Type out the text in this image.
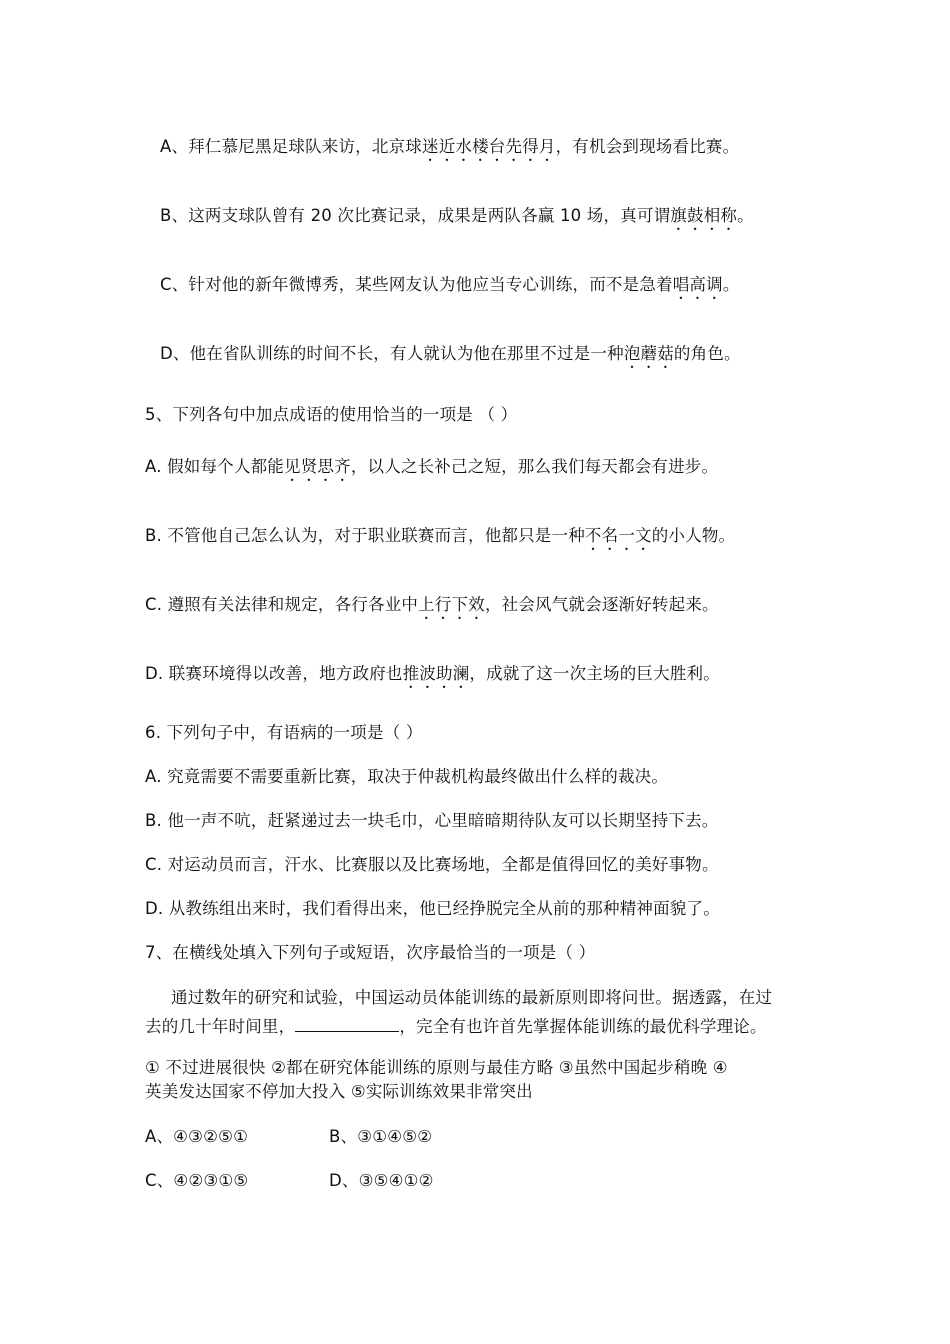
A、拜仁慕尼黑足球队来访，北京球迷近水楼台先得月，有机会到现场看比赛。
B、这两支球队曾有 20 次比赛记录，成果是两队各赢 10 场，真可谓旗鼓相称。
C、针对他的新年微博秀，某些网友认为他应当专心训练，而不是急着唱高调。
D、他在省队训练的时间不长，有人就认为他在那里不过是一种泡蘑菇的角色。
5、下列各句中加点成语的使用恰当的一项是 （ ）
A. 假如每个人都能见贤思齐，以人之长补己之短，那么我们每天都会有进步。
B. 不管他自己怎么认为，对于职业联赛而言，他都只是一种不名一文的小人物。
C. 遵照有关法律和规定，各行各业中上行下效，社会风气就会逐渐好转起来。
D. 联赛环境得以改善，地方政府也推波助澜，成就了这一次主场的巨大胜利。
6. 下列句子中，有语病的一项是（ ）
A. 究竟需要不需要重新比赛，取决于仲裁机构最终做出什么样的裁决。
B. 他一声不吭，赶紧递过去一块毛巾，心里暗暗期待队友可以长期坚持下去。
C. 对运动员而言，汗水、比赛服以及比赛场地，全都是值得回忆的美好事物。
D. 从教练组出来时，我们看得出来，他已经挣脱完全从前的那种精神面貌了。
7、在横线处填入下列句子或短语，次序最恰当的一项是（ ）
通过数年的研究和试验，中国运动员体能训练的最新原则即将问世。据透露，在过
去的几十年时间里，	，完全有也许首先掌握体能训练的最优科学理论。
① 不过进展很快 ②都在研究体能训练的原则与最佳方略 ③虽然中国起步稍晚 ④
英美发达国家不停加大投入 ⑤实际训练效果非常突出
A、④③②⑤①	B、③①④⑤②
C、④②③①⑤	D、③⑤④①②
